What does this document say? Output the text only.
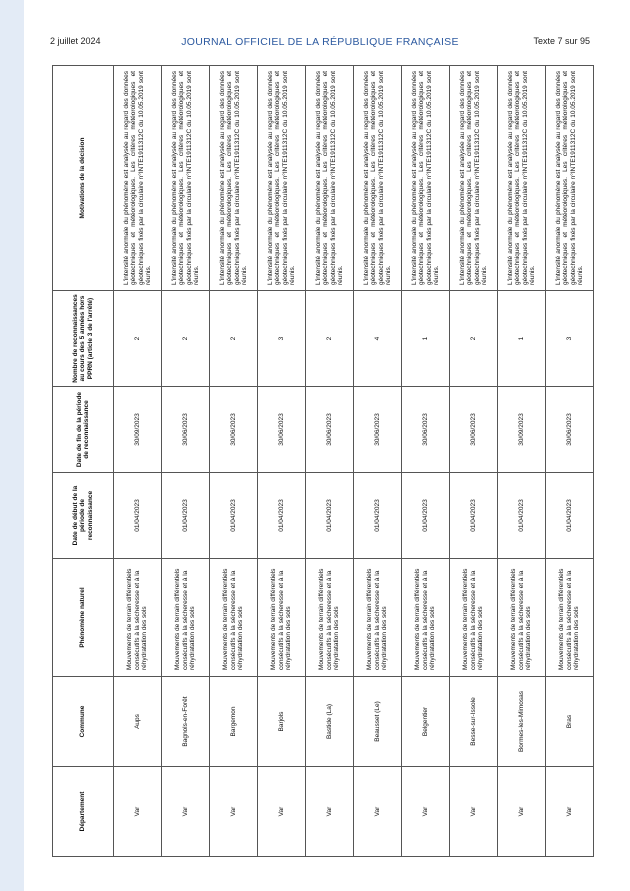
2 juillet 2024	JOURNAL OFFICIEL DE LA RÉPUBLIQUE FRANÇAISE	Texte 7 sur 95
Département	Commune	Phénomène naturel	Date de début de la période de reconnaissance	Date de fin de la période de reconnaissance	Nombre de reconnaissances au cours des 5 années hors PPRN (article 3 de l'arrêté)	Motivations de la décision
Var	Aups	Mouvements de terrain différentiels consécutifs à la sécheresse et à la réhydratation des sols	01/04/2023	30/09/2023	2	L'intensité anormale du phénomène est analysée au regard des données géotechniques et météorologiques. Les critères météorologiques et géotechniques fixés par la circulaire n°INTE1911312C du 10.05.2019 sont réunis.
Var	Bagnols-en-Forêt	Mouvements de terrain différentiels consécutifs à la sécheresse et à la réhydratation des sols	01/04/2023	30/06/2023	2	L'intensité anormale du phénomène est analysée au regard des données géotechniques et météorologiques. Les critères météorologiques et géotechniques fixés par la circulaire n°INTE1911312C du 10.05.2019 sont réunis.
Var	Bargemon	Mouvements de terrain différentiels consécutifs à la sécheresse et à la réhydratation des sols	01/04/2023	30/06/2023	2	L'intensité anormale du phénomène est analysée au regard des données géotechniques et météorologiques. Les critères météorologiques et géotechniques fixés par la circulaire n°INTE1911312C du 10.05.2019 sont réunis.
Var	Barjols	Mouvements de terrain différentiels consécutifs à la sécheresse et à la réhydratation des sols	01/04/2023	30/06/2023	3	L'intensité anormale du phénomène est analysée au regard des données géotechniques et météorologiques. Les critères météorologiques et géotechniques fixés par la circulaire n°INTE1911312C du 10.05.2019 sont réunis.
Var	Bastide (La)	Mouvements de terrain différentiels consécutifs à la sécheresse et à la réhydratation des sols	01/04/2023	30/06/2023	2	L'intensité anormale du phénomène est analysée au regard des données géotechniques et météorologiques. Les critères météorologiques et géotechniques fixés par la circulaire n°INTE1911312C du 10.05.2019 sont réunis.
Var	Beausset (Le)	Mouvements de terrain différentiels consécutifs à la sécheresse et à la réhydratation des sols	01/04/2023	30/06/2023	4	L'intensité anormale du phénomène est analysée au regard des données géotechniques et météorologiques. Les critères météorologiques et géotechniques fixés par la circulaire n°INTE1911312C du 10.05.2019 sont réunis.
Var	Belgentier	Mouvements de terrain différentiels consécutifs à la sécheresse et à la réhydratation des sols	01/04/2023	30/06/2023	1	L'intensité anormale du phénomène est analysée au regard des données géotechniques et météorologiques. Les critères météorologiques et géotechniques fixés par la circulaire n°INTE1911312C du 10.05.2019 sont réunis.
Var	Besse-sur-Issole	Mouvements de terrain différentiels consécutifs à la sécheresse et à la réhydratation des sols	01/04/2023	30/06/2023	2	L'intensité anormale du phénomène est analysée au regard des données géotechniques et météorologiques. Les critères météorologiques et géotechniques fixés par la circulaire n°INTE1911312C du 10.05.2019 sont réunis.
Var	Bormes-les-Mimosas	Mouvements de terrain différentiels consécutifs à la sécheresse et à la réhydratation des sols	01/04/2023	30/09/2023	1	L'intensité anormale du phénomène est analysée au regard des données géotechniques et météorologiques. Les critères météorologiques et géotechniques fixés par la circulaire n°INTE1911312C du 10.05.2019 sont réunis.
Var	Bras	Mouvements de terrain différentiels consécutifs à la sécheresse et à la réhydratation des sols	01/04/2023	30/06/2023	3	L'intensité anormale du phénomène est analysée au regard des données géotechniques et météorologiques. Les critères météorologiques et géotechniques fixés par la circulaire n°INTE1911312C du 10.05.2019 sont réunis.
